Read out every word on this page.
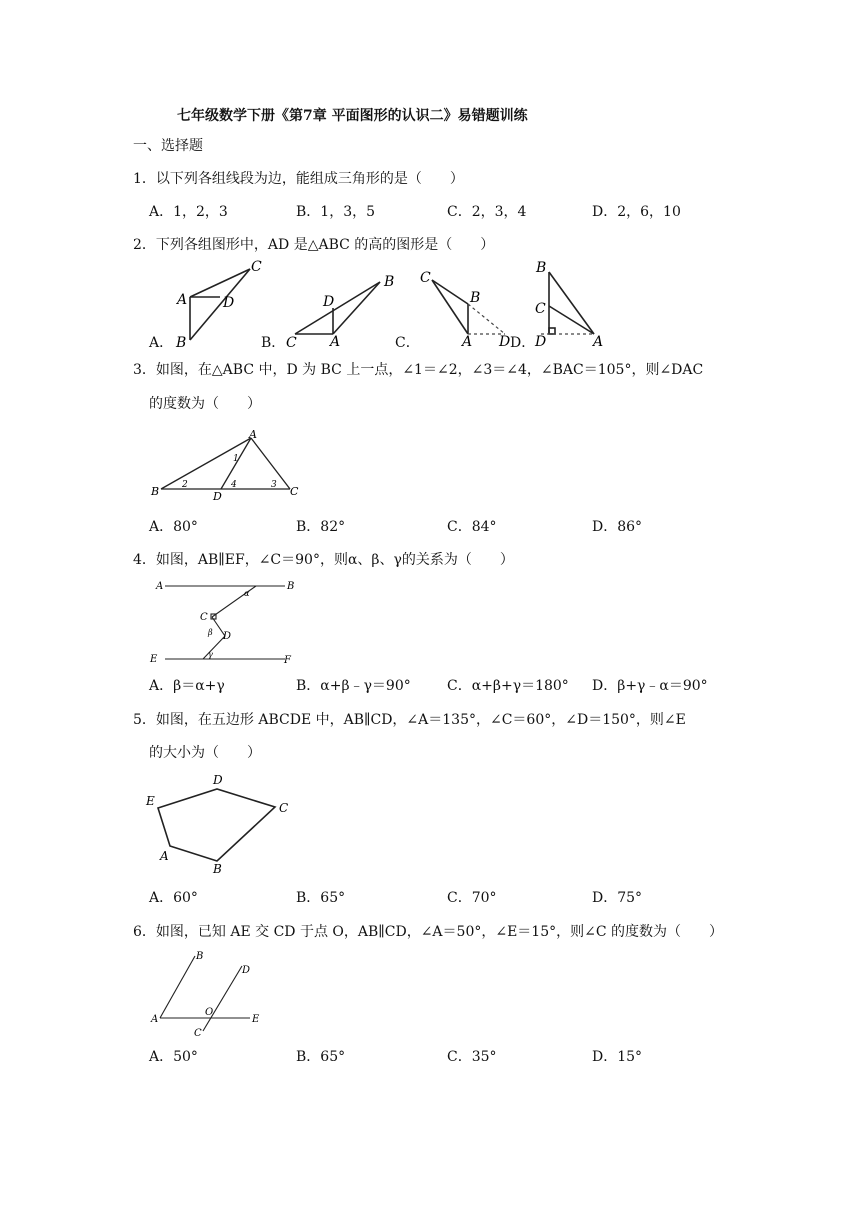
七年级数学下册《第7章 平面图形的认识二》易错题训练
一、选择题
1．以下列各组线段为边，能组成三角形的是（　　）
A．1，2，3	B．1，3，5	C．2，3，4	D．2，6，10
2．下列各组图形中，AD 是△ABC 的高的图形是（　　）
A．	B．	C．	D．
C
A	D
B
B
D
C A
C
B
A D
B
C
D	A
3．如图，在△ABC 中，D 为 BC 上一点，∠1＝∠2，∠3＝∠4，∠BAC＝105°，则∠DAC
的度数为（　　）
A
B	C
D
1
2	3
4
A．80°	B．82°	C．84°	D．86°
4．如图，AB∥EF，∠C＝90°，则α、β、γ的关系为（　　）
A	B
C
D
E	F
α
β
γ
A．β＝α+γ	B．α+β﹣γ＝90°	C．α+β+γ＝180° D．β+γ﹣α＝90°
5．如图，在五边形 ABCDE 中，AB∥CD，∠A＝135°，∠C＝60°，∠D＝150°，则∠E
的大小为（　　）
D
E	C
A
B
A．60°	B．65°	C．70°	D．75°
6．如图，已知 AE 交 CD 于点 O，AB∥CD，∠A＝50°，∠E＝15°，则∠C 的度数为（　　）
B
D
A
O
E
C
A．50°	B．65°	C．35°	D．15°
